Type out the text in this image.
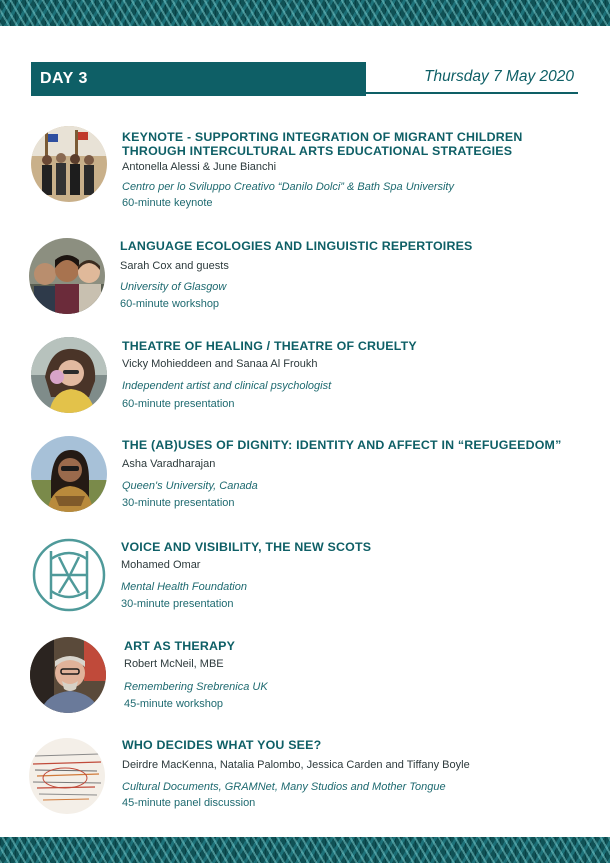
DAY 3	Thursday 7 May 2020

KEYNOTE - SUPPORTING INTEGRATION OF MIGRANT CHILDREN

THROUGH INTERCULTURAL ARTS EDUCATIONAL STRATEGIES

Antonella Alessi & June Bianchi

Centro per lo Sviluppo Creativo “Danilo Dolci” & Bath Spa University

60-minute keynote

LANGUAGE ECOLOGIES AND LINGUISTIC REPERTOIRES

Sarah Cox and guests

University of Glasgow

60-minute workshop

THEATRE OF HEALING / THEATRE OF CRUELTY

Vicky Mohieddeen and Sanaa Al Froukh

Independent artist and clinical psychologist

60-minute presentation

THE (AB)USES OF DIGNITY: IDENTITY AND AFFECT IN “REFUGEEDOM”

Asha Varadharajan

Queen's University, Canada

30-minute presentation

VOICE AND VISIBILITY, THE NEW SCOTS

Mohamed Omar

Mental Health Foundation

30-minute presentation

ART AS THERAPY

Robert McNeil, MBE

Remembering Srebrenica UK

45-minute workshop

WHO DECIDES WHAT YOU SEE?

Deirdre MacKenna, Natalia Palombo, Jessica Carden and Tiffany Boyle

Cultural Documents, GRAMNet, Many Studios and Mother Tongue

45-minute panel discussion
